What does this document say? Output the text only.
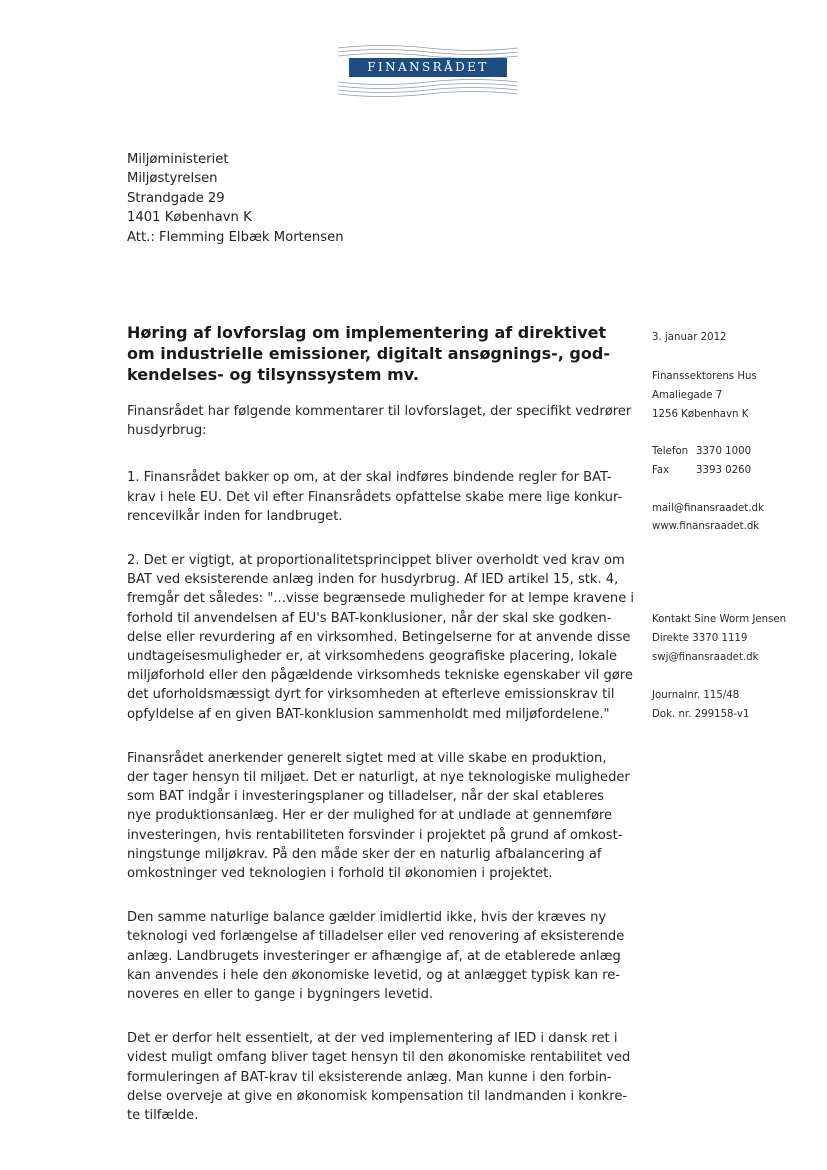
FINANSRÅDET
Miljøministeriet
Miljøstyrelsen
Strandgade 29
1401 København K
Att.: Flemming Elbæk Mortensen
Høring af lovforslag om implementering af direktivet
om industrielle emissioner, digitalt ansøgnings-, god-
kendelses- og tilsynssystem mv.
Finansrådet har følgende kommentarer til lovforslaget, der specifikt vedrører
husdyrbrug:
1. Finansrådet bakker op om, at der skal indføres bindende regler for BAT-
krav i hele EU. Det vil efter Finansrådets opfattelse skabe mere lige konkur-
rencevilkår inden for landbruget.
2. Det er vigtigt, at proportionalitetsprincippet bliver overholdt ved krav om
BAT ved eksisterende anlæg inden for husdyrbrug. Af IED artikel 15, stk. 4,
fremgår det således: "...visse begrænsede muligheder for at lempe kravene i
forhold til anvendelsen af EU's BAT-konklusioner, når der skal ske godken-
delse eller revurdering af en virksomhed. Betingelserne for at anvende disse
undtageisesmuligheder er, at virksomhedens geografiske placering, lokale
miljøforhold eller den pågældende virksomheds tekniske egenskaber vil gøre
det uforholdsmæssigt dyrt for virksomheden at efterleve emissionskrav til
opfyldelse af en given BAT-konklusion sammenholdt med miljøfordelene."
Finansrådet anerkender generelt sigtet med at ville skabe en produktion,
der tager hensyn til miljøet. Det er naturligt, at nye teknologiske muligheder
som BAT indgår i investeringsplaner og tilladelser, når der skal etableres
nye produktionsanlæg. Her er der mulighed for at undlade at gennemføre
investeringen, hvis rentabiliteten forsvinder i projektet på grund af omkost-
ningstunge miljøkrav. På den måde sker der en naturlig afbalancering af
omkostninger ved teknologien i forhold til økonomien i projektet.
Den samme naturlige balance gælder imidlertid ikke, hvis der kræves ny
teknologi ved forlængelse af tilladelser eller ved renovering af eksisterende
anlæg. Landbrugets investeringer er afhængige af, at de etablerede anlæg
kan anvendes i hele den økonomiske levetid, og at anlægget typisk kan re-
noveres en eller to gange i bygningers levetid.
Det er derfor helt essentielt, at der ved implementering af IED i dansk ret i
videst muligt omfang bliver taget hensyn til den økonomiske rentabilitet ved
formuleringen af BAT-krav til eksisterende anlæg. Man kunne i den forbin-
delse overveje at give en økonomisk kompensation til landmanden i konkre-
te tilfælde.
3. januar 2012
Finanssektorens Hus
Amaliegade 7
1256 København K
Telefon 3370 1000
Fax	3393 0260
mail@finansraadet.dk
www.finansraadet.dk
Kontakt Sine Worm Jensen
Direkte 3370 1119
swj@finansraadet.dk
Journalnr. 115/48
Dok. nr. 299158-v1
